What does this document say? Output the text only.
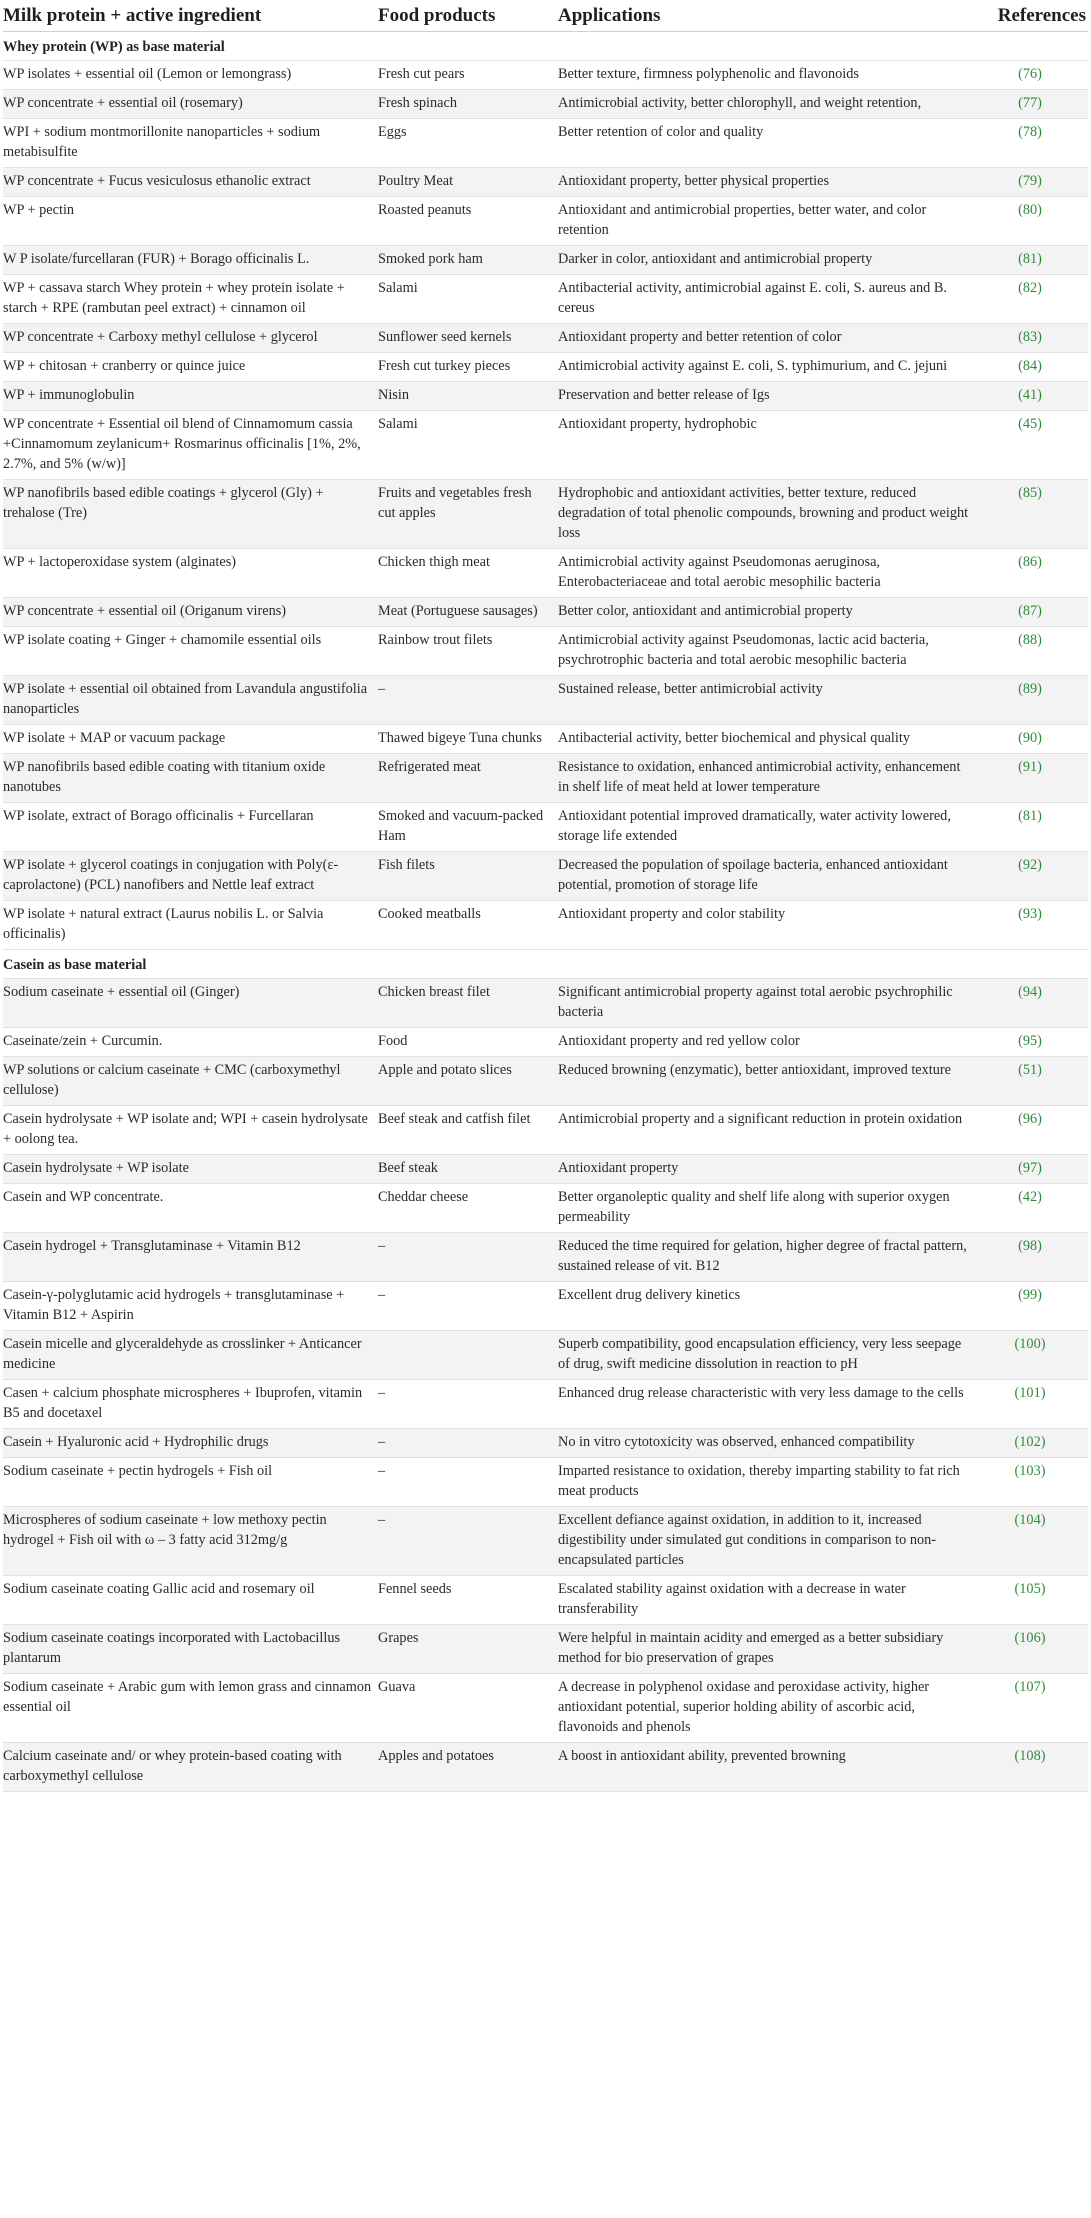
Milk protein + active ingredient	Food products	Applications	References
Whey protein (WP) as base material			
WP isolates + essential oil (Lemon or lemongrass)	Fresh cut pears	Better texture, firmness polyphenolic and flavonoids	(76)
WP concentrate + essential oil (rosemary)	Fresh spinach	Antimicrobial activity, better chlorophyll, and weight retention,	(77)
WPI + sodium montmorillonite nanoparticles + sodium metabisulfite	Eggs	Better retention of color and quality	(78)
WP concentrate + Fucus vesiculosus ethanolic extract	Poultry Meat	Antioxidant property, better physical properties	(79)
WP + pectin	Roasted peanuts	Antioxidant and antimicrobial properties, better water, and color retention	(80)
W P isolate/furcellaran (FUR) + Borago officinalis L.	Smoked pork ham	Darker in color, antioxidant and antimicrobial property	(81)
WP + cassava starch Whey protein + whey protein isolate + starch + RPE (rambutan peel extract) + cinnamon oil	Salami	Antibacterial activity, antimicrobial against E. coli, S. aureus and B. cereus	(82)
WP concentrate + Carboxy methyl cellulose + glycerol	Sunflower seed kernels	Antioxidant property and better retention of color	(83)
WP + chitosan + cranberry or quince juice	Fresh cut turkey pieces	Antimicrobial activity against E. coli, S. typhimurium, and C. jejuni	(84)
WP + immunoglobulin	Nisin	Preservation and better release of Igs	(41)
WP concentrate + Essential oil blend of Cinnamomum cassia +Cinnamomum zeylanicum+ Rosmarinus officinalis [1%, 2%, 2.7%, and 5% (w/w)]	Salami	Antioxidant property, hydrophobic	(45)
WP nanofibrils based edible coatings + glycerol (Gly) + trehalose (Tre)	Fruits and vegetables fresh cut apples	Hydrophobic and antioxidant activities, better texture, reduced degradation of total phenolic compounds, browning and product weight loss	(85)
WP + lactoperoxidase system (alginates)	Chicken thigh meat	Antimicrobial activity against Pseudomonas aeruginosa, Enterobacteriaceae and total aerobic mesophilic bacteria	(86)
WP concentrate + essential oil (Origanum virens)	Meat (Portuguese sausages)	Better color, antioxidant and antimicrobial property	(87)
WP isolate coating + Ginger + chamomile essential oils	Rainbow trout filets	Antimicrobial activity against Pseudomonas, lactic acid bacteria, psychrotrophic bacteria and total aerobic mesophilic bacteria	(88)
WP isolate + essential oil obtained from Lavandula angustifolia nanoparticles	–	Sustained release, better antimicrobial activity	(89)
WP isolate + MAP or vacuum package	Thawed bigeye Tuna chunks	Antibacterial activity, better biochemical and physical quality	(90)
WP nanofibrils based edible coating with titanium oxide nanotubes	Refrigerated meat	Resistance to oxidation, enhanced antimicrobial activity, enhancement in shelf life of meat held at lower temperature	(91)
WP isolate, extract of Borago officinalis + Furcellaran	Smoked and vacuum-packed Ham	Antioxidant potential improved dramatically, water activity lowered, storage life extended	(81)
WP isolate + glycerol coatings in conjugation with Poly(ε-caprolactone) (PCL) nanofibers and Nettle leaf extract	Fish filets	Decreased the population of spoilage bacteria, enhanced antioxidant potential, promotion of storage life	(92)
WP isolate + natural extract (Laurus nobilis L. or Salvia officinalis)	Cooked meatballs	Antioxidant property and color stability	(93)
Casein as base material			
Sodium caseinate + essential oil (Ginger)	Chicken breast filet	Significant antimicrobial property against total aerobic psychrophilic bacteria	(94)
Caseinate/zein + Curcumin.	Food	Antioxidant property and red yellow color	(95)
WP solutions or calcium caseinate + CMC (carboxymethyl cellulose)	Apple and potato slices	Reduced browning (enzymatic), better antioxidant, improved texture	(51)
Casein hydrolysate + WP isolate and; WPI + casein hydrolysate + oolong tea.	Beef steak and catfish filet	Antimicrobial property and a significant reduction in protein oxidation	(96)
Casein hydrolysate + WP isolate	Beef steak	Antioxidant property	(97)
Casein and WP concentrate.	Cheddar cheese	Better organoleptic quality and shelf life along with superior oxygen permeability	(42)
Casein hydrogel + Transglutaminase + Vitamin B12	–	Reduced the time required for gelation, higher degree of fractal pattern, sustained release of vit. B12	(98)
Casein-γ-polyglutamic acid hydrogels + transglutaminase + Vitamin B12 + Aspirin	–	Excellent drug delivery kinetics	(99)
Casein micelle and glyceraldehyde as crosslinker + Anticancer medicine		Superb compatibility, good encapsulation efficiency, very less seepage of drug, swift medicine dissolution in reaction to pH	(100)
Casen + calcium phosphate microspheres + Ibuprofen, vitamin B5 and docetaxel	–	Enhanced drug release characteristic with very less damage to the cells	(101)
Casein + Hyaluronic acid + Hydrophilic drugs	–	No in vitro cytotoxicity was observed, enhanced compatibility	(102)
Sodium caseinate + pectin hydrogels + Fish oil	–	Imparted resistance to oxidation, thereby imparting stability to fat rich meat products	(103)
Microspheres of sodium caseinate + low methoxy pectin hydrogel + Fish oil with ω – 3 fatty acid 312mg/g	–	Excellent defiance against oxidation, in addition to it, increased digestibility under simulated gut conditions in comparison to non-encapsulated particles	(104)
Sodium caseinate coating Gallic acid and rosemary oil	Fennel seeds	Escalated stability against oxidation with a decrease in water transferability	(105)
Sodium caseinate coatings incorporated with Lactobacillus plantarum	Grapes	Were helpful in maintain acidity and emerged as a better subsidiary method for bio preservation of grapes	(106)
Sodium caseinate + Arabic gum with lemon grass and cinnamon essential oil	Guava	A decrease in polyphenol oxidase and peroxidase activity, higher antioxidant potential, superior holding ability of ascorbic acid, flavonoids and phenols	(107)
Calcium caseinate and/ or whey protein-based coating with carboxymethyl cellulose	Apples and potatoes	A boost in antioxidant ability, prevented browning	(108)
